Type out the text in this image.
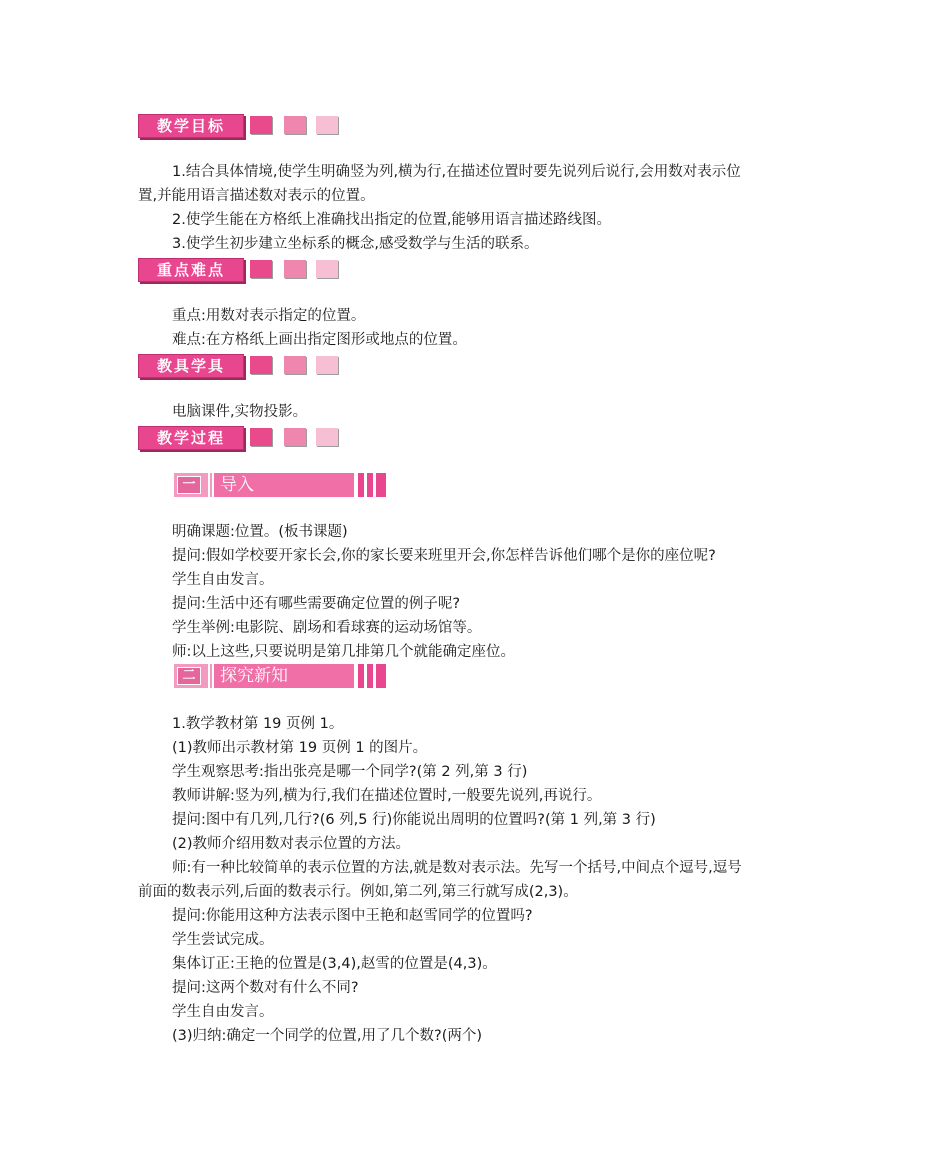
教学目标
1.结合具体情境,使学生明确竖为列,横为行,在描述位置时要先说列后说行,会用数对表示位
置,并能用语言描述数对表示的位置。
2.使学生能在方格纸上准确找出指定的位置,能够用语言描述路线图。
3.使学生初步建立坐标系的概念,感受数学与生活的联系。
重点难点
重点:用数对表示指定的位置。
难点:在方格纸上画出指定图形或地点的位置。
教具学具
电脑课件,实物投影。
教学过程
一	导入
明确课题:位置。(板书课题)
提问:假如学校要开家长会,你的家长要来班里开会,你怎样告诉他们哪个是你的座位呢?
学生自由发言。
提问:生活中还有哪些需要确定位置的例子呢?
学生举例:电影院、剧场和看球赛的运动场馆等。
师:以上这些,只要说明是第几排第几个就能确定座位。
二	探究新知
1.教学教材第 19 页例 1。
(1)教师出示教材第 19 页例 1 的图片。
学生观察思考:指出张亮是哪一个同学?(第 2 列,第 3 行)
教师讲解:竖为列,横为行,我们在描述位置时,一般要先说列,再说行。
提问:图中有几列,几行?(6 列,5 行)你能说出周明的位置吗?(第 1 列,第 3 行)
(2)教师介绍用数对表示位置的方法。
师:有一种比较简单的表示位置的方法,就是数对表示法。先写一个括号,中间点个逗号,逗号
前面的数表示列,后面的数表示行。例如,第二列,第三行就写成(2,3)。
提问:你能用这种方法表示图中王艳和赵雪同学的位置吗?
学生尝试完成。
集体订正:王艳的位置是(3,4),赵雪的位置是(4,3)。
提问:这两个数对有什么不同?
学生自由发言。
(3)归纳:确定一个同学的位置,用了几个数?(两个)
